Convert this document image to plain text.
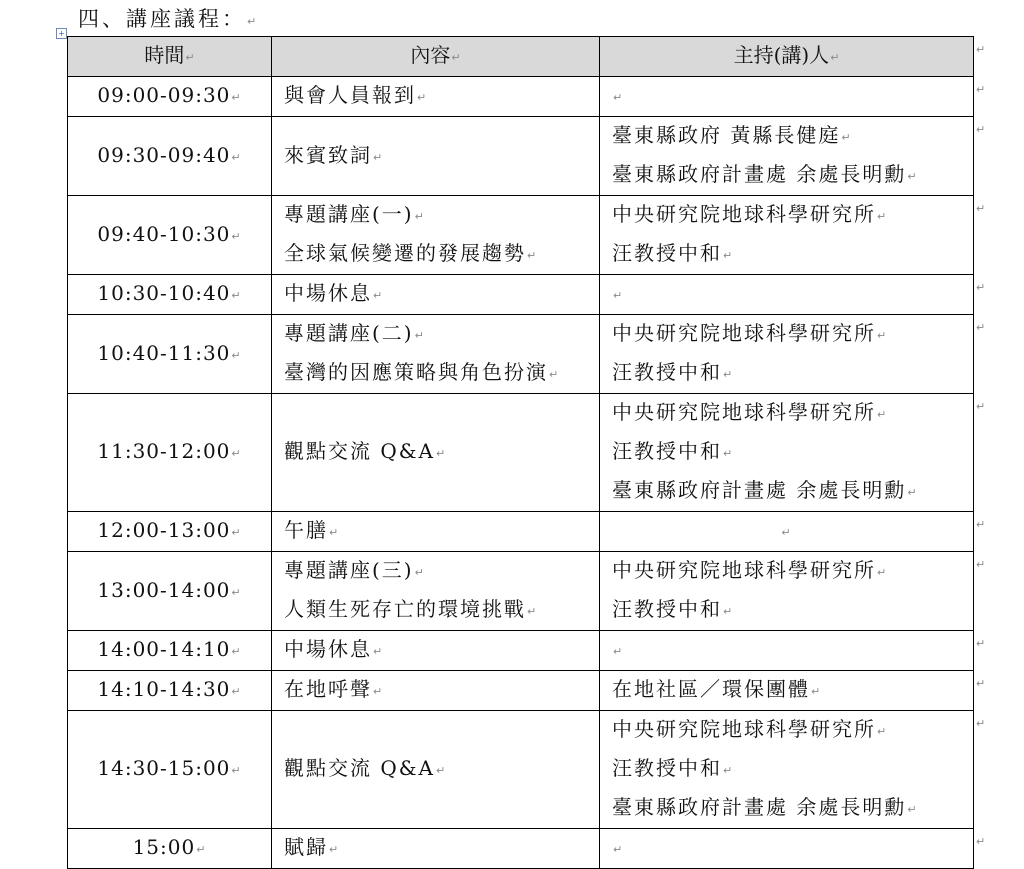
+
四、講座議程：↵
時間↵	內容↵	主持(講)人↵
09:00-09:30↵	與會人員報到↵	↵
09:30-09:40↵	來賓致詞↵	臺東縣政府 黃縣長健庭↵
臺東縣政府計畫處 余處長明勳↵

09:40-10:30↵	專題講座(一)↵
全球氣候變遷的發展趨勢↵	中央研究院地球科學研究所↵
汪教授中和↵

10:30-10:40↵	中場休息↵	↵
10:40-11:30↵	專題講座(二)↵
臺灣的因應策略與角色扮演↵	中央研究院地球科學研究所↵
汪教授中和↵

11:30-12:00↵	觀點交流 Q&A↵	中央研究院地球科學研究所↵
汪教授中和↵
臺東縣政府計畫處 余處長明勳↵

12:00-13:00↵	午膳↵	↵
13:00-14:00↵	專題講座(三)↵
人類生死存亡的環境挑戰↵	中央研究院地球科學研究所↵
汪教授中和↵

14:00-14:10↵	中場休息↵	↵
14:10-14:30↵	在地呼聲↵	在地社區／環保團體↵

14:30-15:00↵	觀點交流 Q&A↵	中央研究院地球科學研究所↵
汪教授中和↵
臺東縣政府計畫處 余處長明勳↵

15:00↵	賦歸↵	↵
↵
↵
↵
↵
↵
↵
↵
↵
↵
↵
↵
↵
↵
